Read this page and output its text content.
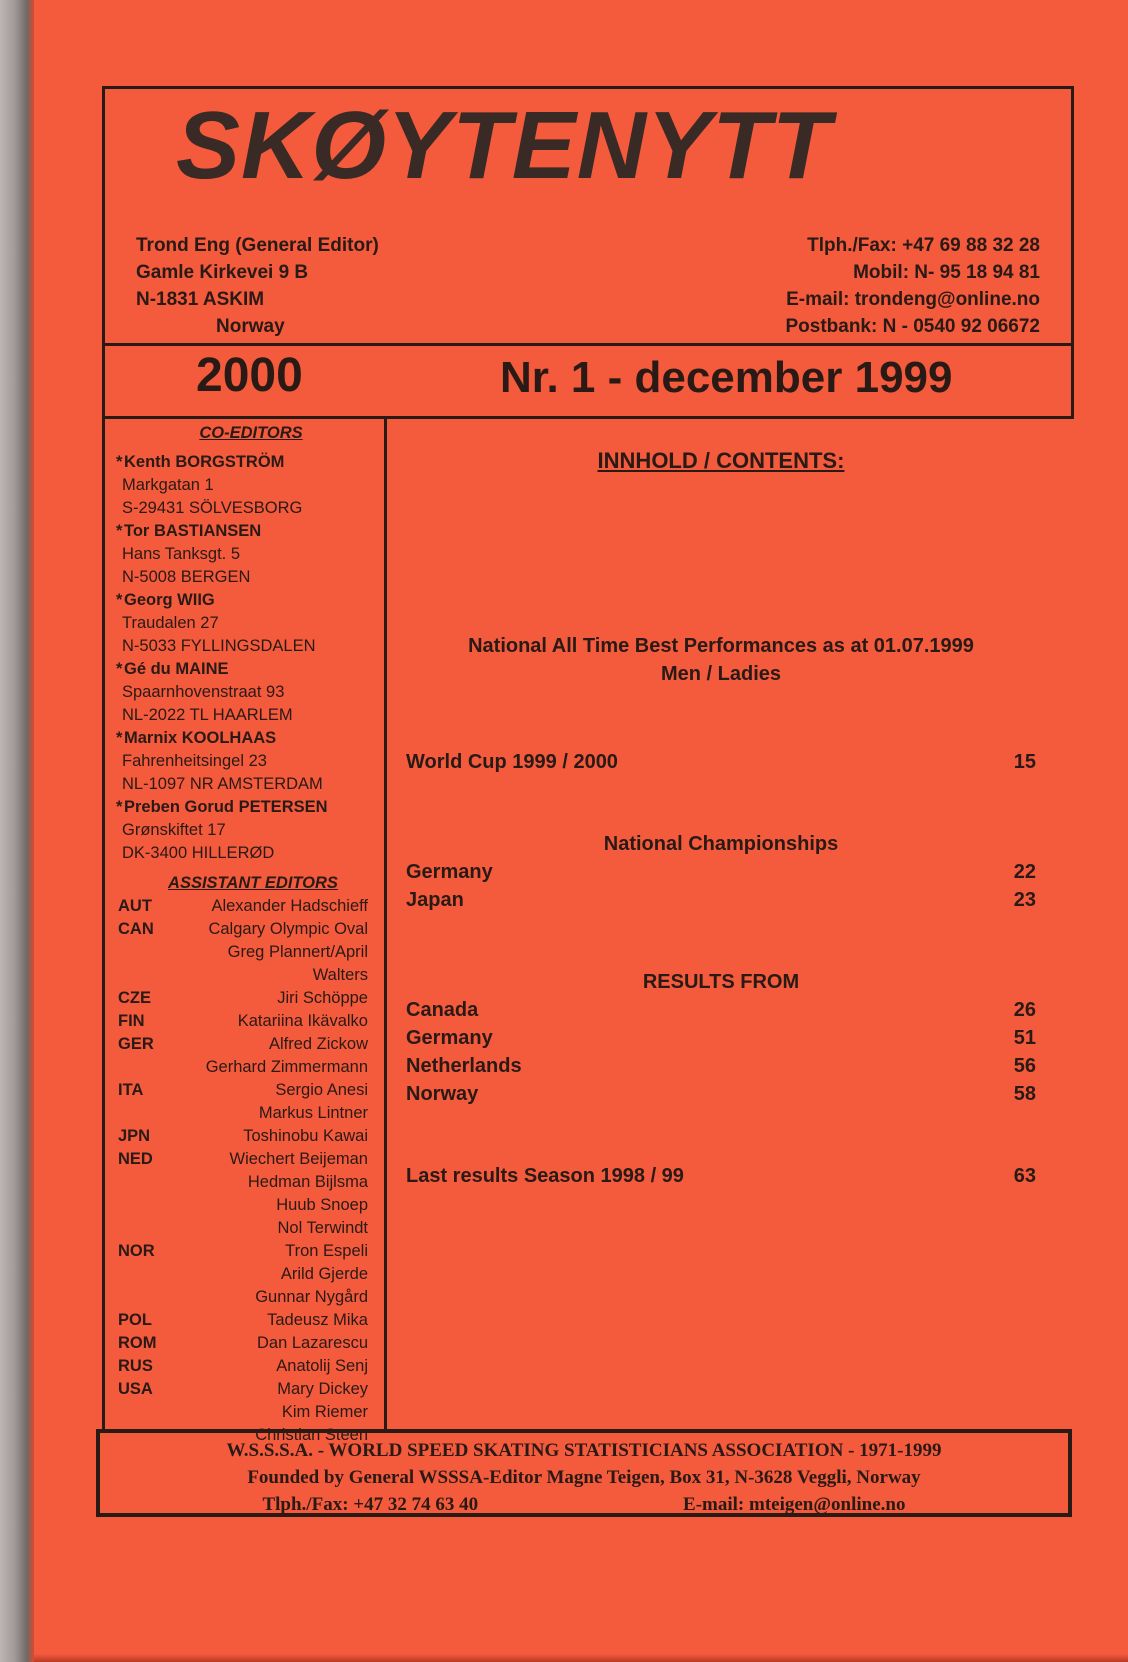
SKØYTENYTT
Trond Eng (General Editor)
Gamle Kirkevei 9 B
N-1831 ASKIM
Norway
Tlph./Fax: +47 69 88 32 28
Mobil: N- 95 18 94 81
E-mail: trondeng@online.no
Postbank: N - 0540 92 06672
2000	Nr. 1 - december 1999
CO-EDITORS
*Kenth BORGSTRÖM
Markgatan 1
S-29431 SÖLVESBORG
*Tor BASTIANSEN
Hans Tanksgt. 5
N-5008 BERGEN
*Georg WIIG
Traudalen 27
N-5033 FYLLINGSDALEN
*Gé du MAINE
Spaarnhovenstraat 93
NL-2022 TL HAARLEM
*Marnix KOOLHAAS
Fahrenheitsingel 23
NL-1097 NR AMSTERDAM
*Preben Gorud PETERSEN
Grønskiftet 17
DK-3400 HILLERØD
ASSISTANT EDITORS
AUT	Alexander Hadschieff
CAN	Calgary Olympic Oval
Greg Plannert/April Walters
CZE	Jiri Schöppe
FIN	Katariina Ikävalko
GER	Alfred Zickow
Gerhard Zimmermann
ITA	Sergio Anesi
Markus Lintner
JPN	Toshinobu Kawai
NED	Wiechert Beijeman
Hedman Bijlsma
Huub Snoep
Nol Terwindt
NOR	Tron Espeli
Arild Gjerde
Gunnar Nygård
POL	Tadeusz Mika
ROM	Dan Lazarescu
RUS	Anatolij Senj
USA	Mary Dickey
Kim Riemer
Christian Steen
INNHOLD / CONTENTS:
National All Time Best Performances as at 01.07.1999
Men / Ladies
World Cup 1999 / 2000	15
National Championships
Germany	22
Japan	23
RESULTS FROM
Canada	26
Germany	51
Netherlands	56
Norway	58
Last results Season 1998 / 99	63
W.S.S.S.A. - WORLD SPEED SKATING STATISTICIANS ASSOCIATION - 1971-1999
Founded by General WSSSA-Editor Magne Teigen, Box 31, N-3628 Veggli, Norway
Tlph./Fax: +47 32 74 63 40	E-mail: mteigen@online.no
